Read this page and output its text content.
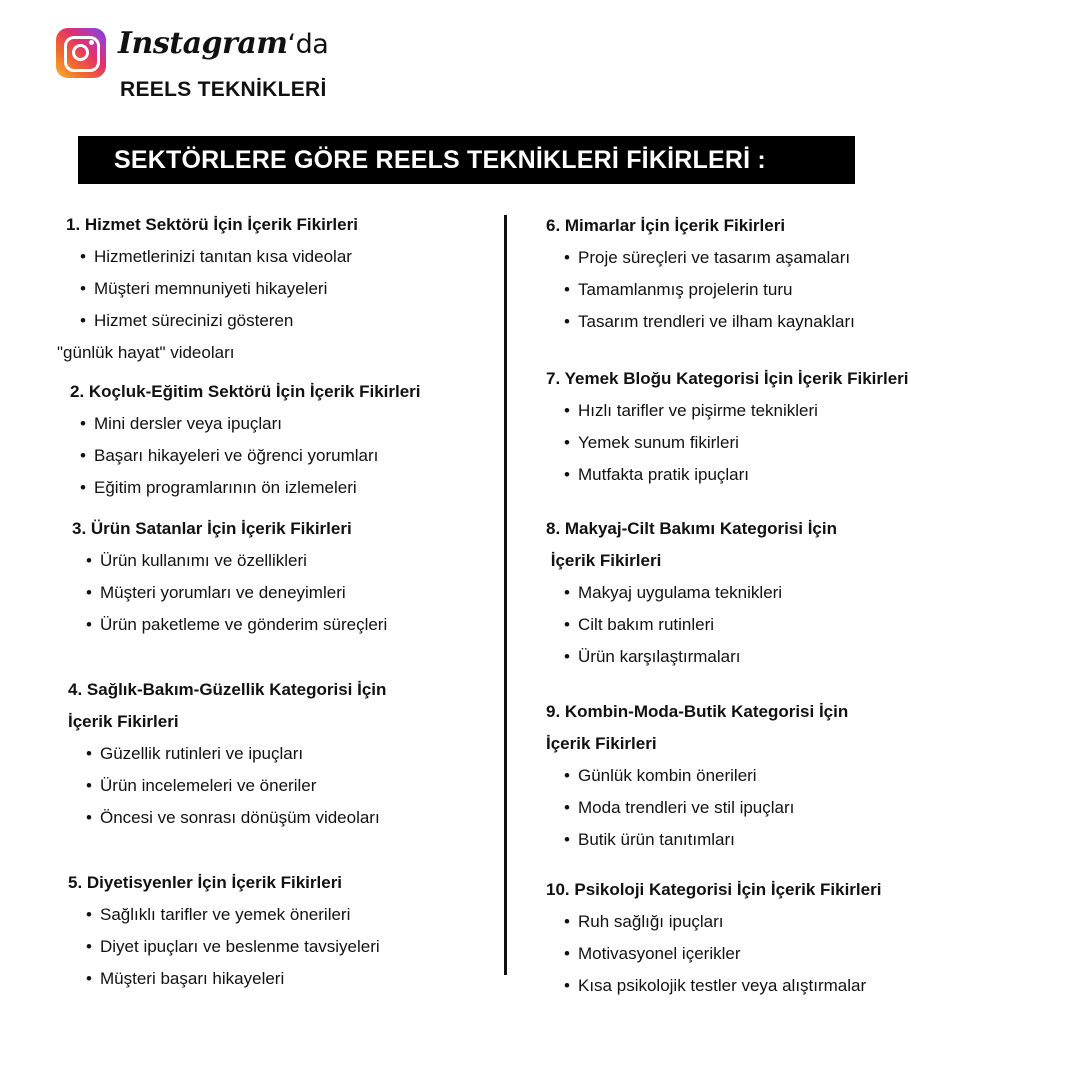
Instagram‘da
REELS TEKNİKLERİ
SEKTÖRLERE GÖRE REELS TEKNİKLERİ FİKİRLERİ :
1. Hizmet Sektörü İçin İçerik Fikirleri
• Hizmetlerinizi tanıtan kısa videolar
• Müşteri memnuniyeti hikayeleri
• Hizmet sürecinizi gösteren
"günlük hayat" videoları
2. Koçluk-Eğitim Sektörü İçin İçerik Fikirleri
• Mini dersler veya ipuçları
• Başarı hikayeleri ve öğrenci yorumları
• Eğitim programlarının ön izlemeleri
3. Ürün Satanlar İçin İçerik Fikirleri
• Ürün kullanımı ve özellikleri
• Müşteri yorumları ve deneyimleri
• Ürün paketleme ve gönderim süreçleri
4. Sağlık-Bakım-Güzellik Kategorisi İçin
İçerik Fikirleri
• Güzellik rutinleri ve ipuçları
• Ürün incelemeleri ve öneriler
• Öncesi ve sonrası dönüşüm videoları
5. Diyetisyenler İçin İçerik Fikirleri
• Sağlıklı tarifler ve yemek önerileri
• Diyet ipuçları ve beslenme tavsiyeleri
• Müşteri başarı hikayeleri
6. Mimarlar İçin İçerik Fikirleri
• Proje süreçleri ve tasarım aşamaları
• Tamamlanmış projelerin turu
• Tasarım trendleri ve ilham kaynakları
7. Yemek Bloğu Kategorisi İçin İçerik Fikirleri
• Hızlı tarifler ve pişirme teknikleri
• Yemek sunum fikirleri
• Mutfakta pratik ipuçları
8. Makyaj-Cilt Bakımı Kategorisi İçin
İçerik Fikirleri
• Makyaj uygulama teknikleri
• Cilt bakım rutinleri
• Ürün karşılaştırmaları
9. Kombin-Moda-Butik Kategorisi İçin
İçerik Fikirleri
• Günlük kombin önerileri
• Moda trendleri ve stil ipuçları
• Butik ürün tanıtımları
10. Psikoloji Kategorisi İçin İçerik Fikirleri
• Ruh sağlığı ipuçları
• Motivasyonel içerikler
• Kısa psikolojik testler veya alıştırmalar
